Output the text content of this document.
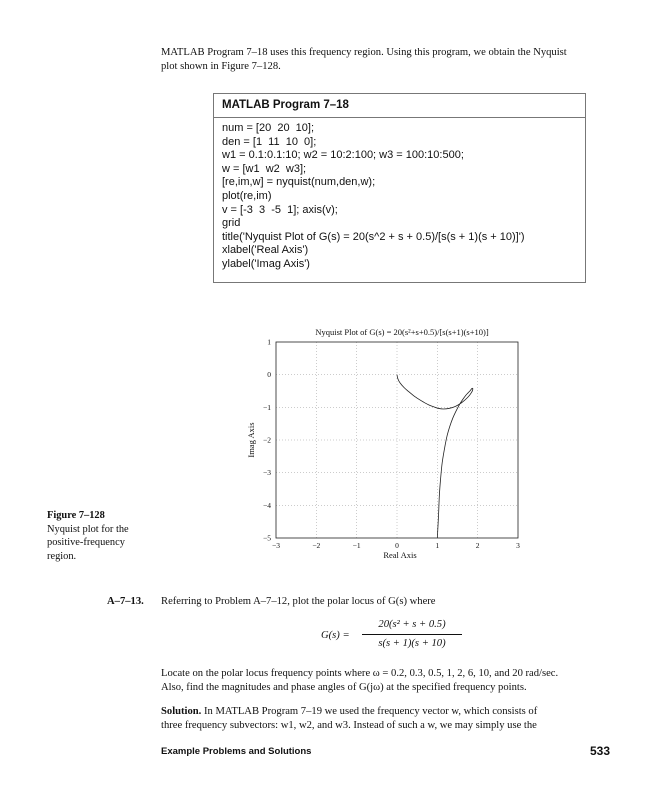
MATLAB Program 7–18 uses this frequency region. Using this program, we obtain the Nyquist
plot shown in Figure 7–128.
MATLAB Program 7–18
num = [20  20  10];
den = [1  11  10  0];
w1 = 0.1:0.1:10; w2 = 10:2:100; w3 = 100:10:500;
w = [w1  w2  w3];
[re,im,w] = nyquist(num,den,w);
plot(re,im)
v = [-3  3  -5  1]; axis(v);
grid
title('Nyquist Plot of G(s) = 20(s^2 + s + 0.5)/[s(s + 1)(s + 10)]')
xlabel('Real Axis')
ylabel('Imag Axis')
Nyquist Plot of G(s) = 20(s²+s+0.5)/[s(s+1)(s+10)]
1
0
−1
−2
−3
−4
−5
−3	−2	−1	0	1	2	3
Real Axis
Imag Axis
Figure 7–128
Nyquist plot for the
positive-frequency
region.
A–7–13. Referring to Problem A–7–12, plot the polar locus of G(s) where
G(s) =
20(s² + s + 0.5)
s(s + 1)(s + 10)
Locate on the polar locus frequency points where ω = 0.2, 0.3, 0.5, 1, 2, 6, 10, and 20 rad/sec.
Also, find the magnitudes and phase angles of G(jω) at the specified frequency points.
Solution. In MATLAB Program 7–19 we used the frequency vector w, which consists of
three frequency subvectors: w1, w2, and w3. Instead of such a w, we may simply use the
Example Problems and Solutions	533
